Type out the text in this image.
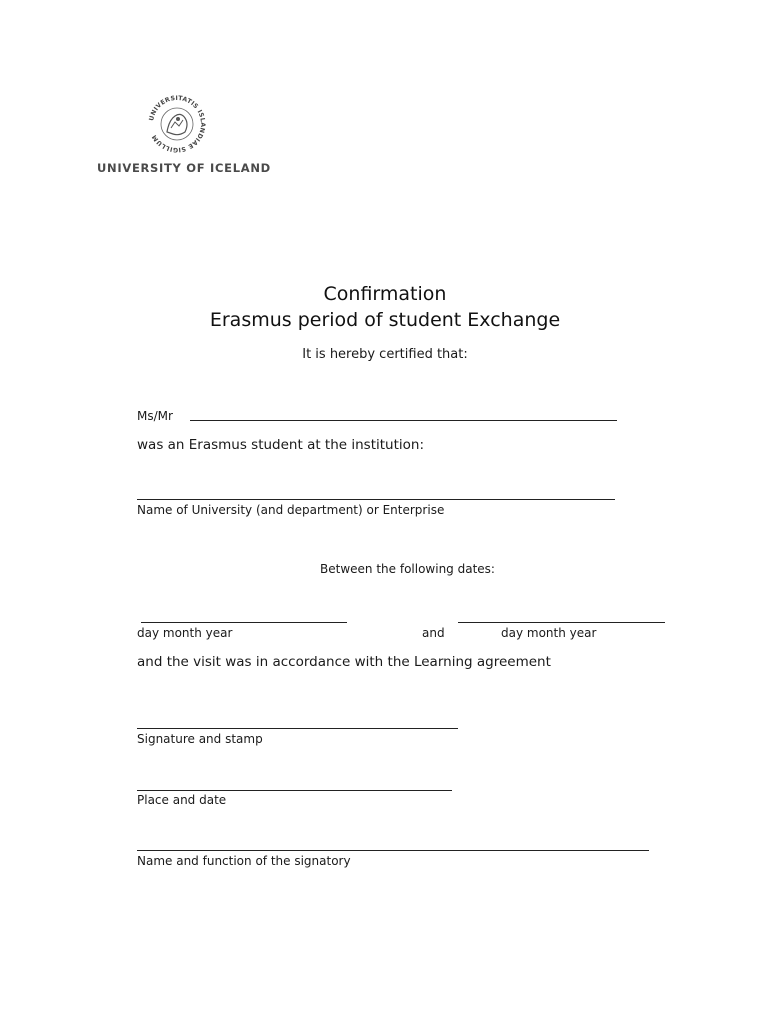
UNIVERSITATIS ISLANDIAE SIGILLUM
UNIVERSITY OF ICELAND
Confirmation
Erasmus period of student Exchange
It is hereby certified that:
Ms/Mr
was an Erasmus student at the institution:
Name of University (and department) or Enterprise
Between the following dates:
day month year	and	day month year
and the visit was in accordance with the Learning agreement
Signature and stamp
Place and date
Name and function of the signatory
